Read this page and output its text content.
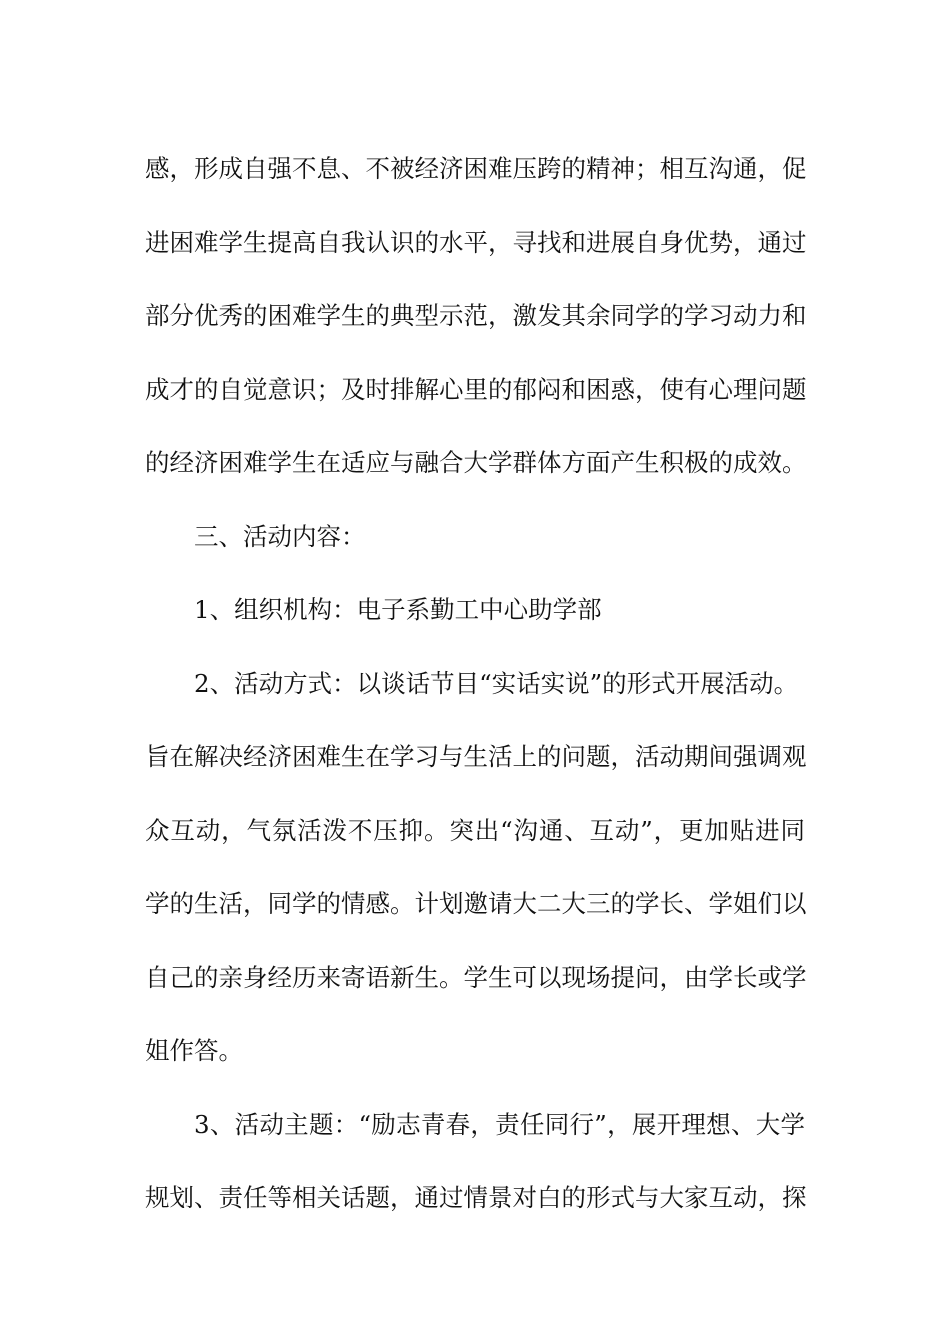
感，形成自强不息、不被经济困难压跨的精神；相互沟通，促
进困难学生提高自我认识的水平，寻找和进展自身优势，通过
部分优秀的困难学生的典型示范，激发其余同学的学习动力和
成才的自觉意识；及时排解心里的郁闷和困惑，使有心理问题
的经济困难学生在适应与融合大学群体方面产生积极的成效。
三、活动内容：
1、组织机构：电子系勤工中心助学部
2、活动方式：以谈话节目“实话实说”的形式开展活动。
旨在解决经济困难生在学习与生活上的问题，活动期间强调观
众互动，气氛活泼不压抑。突出“沟通、互动”，更加贴进同
学的生活，同学的情感。计划邀请大二大三的学长、学姐们以
自己的亲身经历来寄语新生。学生可以现场提问，由学长或学
姐作答。
3、活动主题：“励志青春，责任同行”，展开理想、大学
规划、责任等相关话题，通过情景对白的形式与大家互动，探
